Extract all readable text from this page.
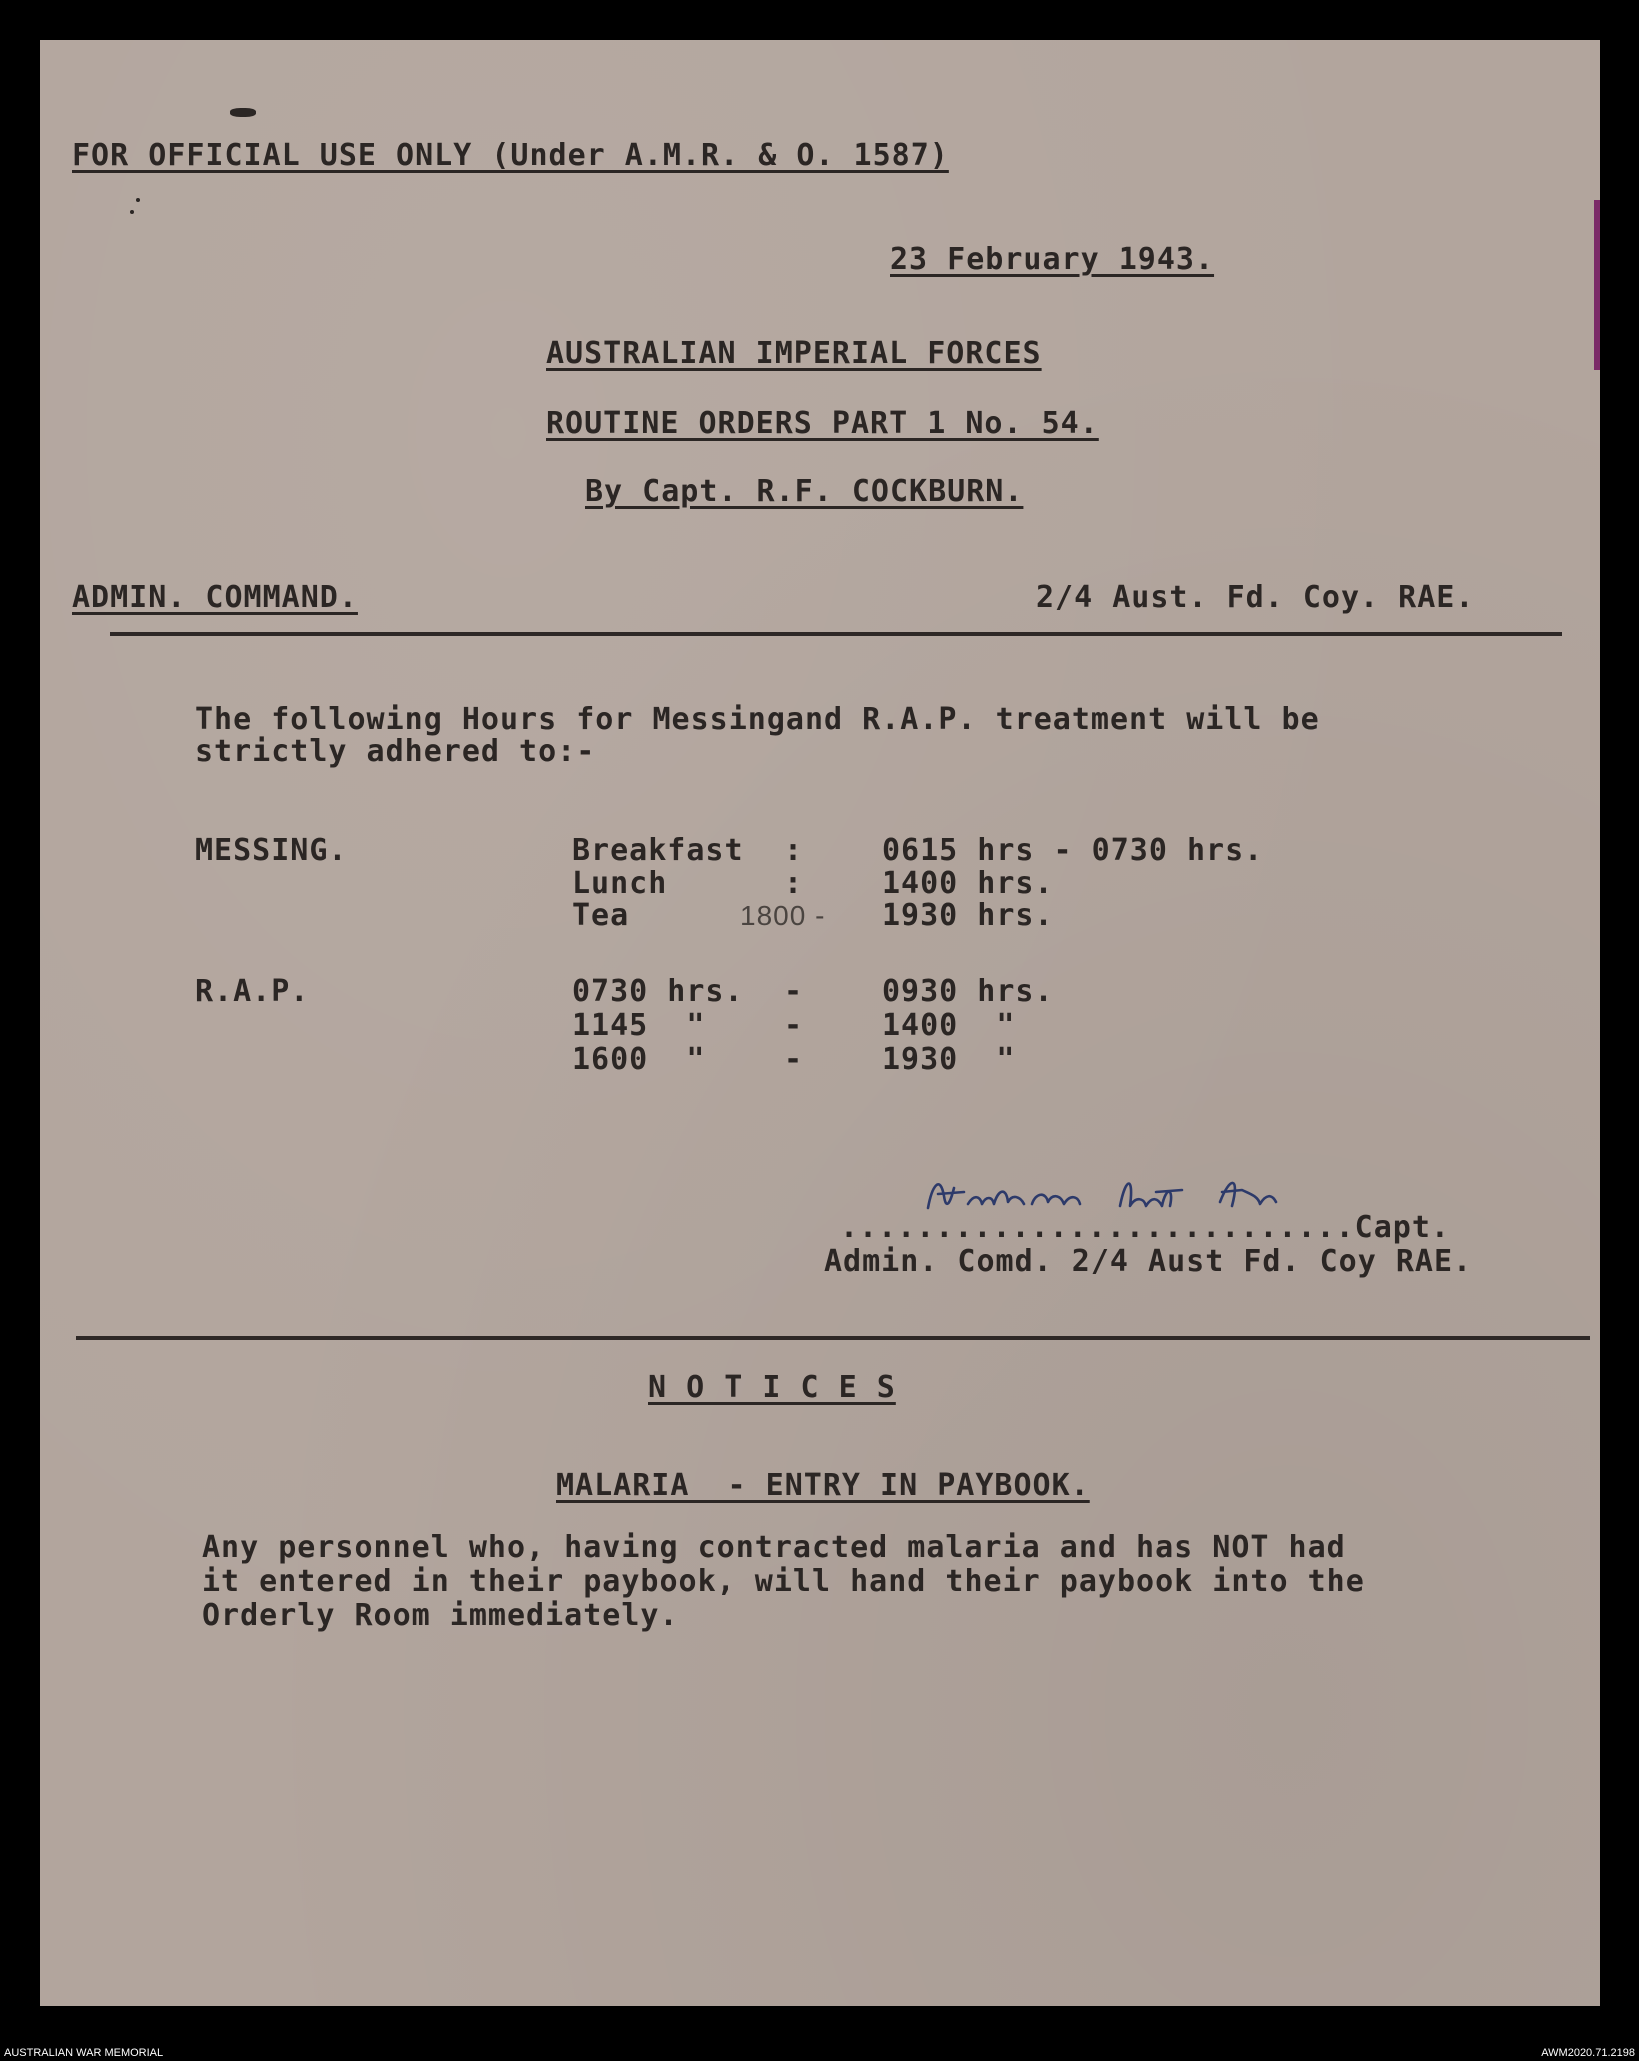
FOR OFFICIAL USE ONLY (Under A.M.R. & O. 1587)
23 February 1943.
AUSTRALIAN IMPERIAL FORCES
ROUTINE ORDERS PART 1 No. 54.
By Capt. R.F. COCKBURN.
ADMIN. COMMAND.	2/4 Aust. Fd. Coy. RAE.
The following Hours for Messingand R.A.P. treatment will be
strictly adhered to:-
MESSING.	Breakfast :	0615 hrs - 0730 hrs.
Lunch	:	1400 hrs.
Tea	1800 - 1930 hrs.
R.A.P.	0730 hrs. -	0930 hrs.
1145  "	-	1400  "
1600  "	-	1930  "
...........................Capt.
Admin. Comd. 2/4 Aust Fd. Coy RAE.
N O T I C E S
MALARIA  - ENTRY IN PAYBOOK.
Any personnel who, having contracted malaria and has NOT had
it entered in their paybook, will hand their paybook into the
Orderly Room immediately.
AUSTRALIAN WAR MEMORIAL	AWM2020.71.2198
